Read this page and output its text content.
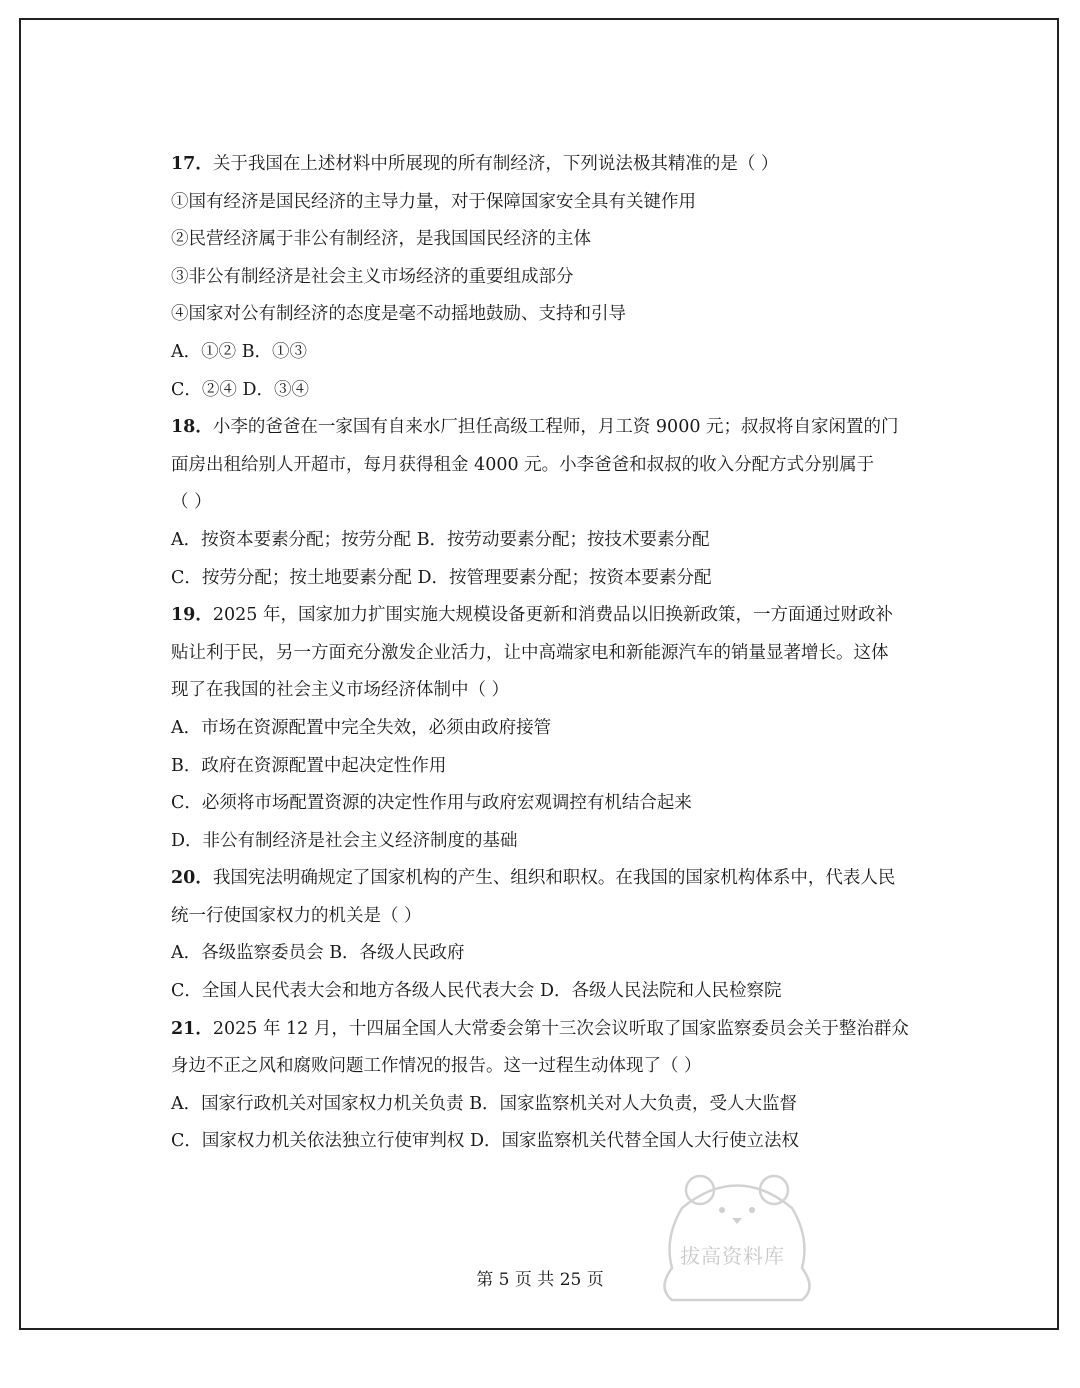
17．关于我国在上述材料中所展现的所有制经济，下列说法极其精准的是（ ）
①国有经济是国民经济的主导力量，对于保障国家安全具有关键作用
②民营经济属于非公有制经济，是我国国民经济的主体
③非公有制经济是社会主义市场经济的重要组成部分
④国家对公有制经济的态度是毫不动摇地鼓励、支持和引导
A．①② B．①③
C．②④ D．③④
18．小李的爸爸在一家国有自来水厂担任高级工程师，月工资 9000 元；叔叔将自家闲置的门
面房出租给别人开超市，每月获得租金 4000 元。小李爸爸和叔叔的收入分配方式分别属于
（ ）
A．按资本要素分配；按劳分配 B．按劳动要素分配；按技术要素分配
C．按劳分配；按土地要素分配 D．按管理要素分配；按资本要素分配
19．2025 年，国家加力扩围实施大规模设备更新和消费品以旧换新政策，一方面通过财政补
贴让利于民，另一方面充分激发企业活力，让中高端家电和新能源汽车的销量显著增长。这体
现了在我国的社会主义市场经济体制中（ ）
A．市场在资源配置中完全失效，必须由政府接管
B．政府在资源配置中起决定性作用
C．必须将市场配置资源的决定性作用与政府宏观调控有机结合起来
D．非公有制经济是社会主义经济制度的基础
20．我国宪法明确规定了国家机构的产生、组织和职权。在我国的国家机构体系中，代表人民
统一行使国家权力的机关是（ ）
A．各级监察委员会 B．各级人民政府
C．全国人民代表大会和地方各级人民代表大会 D．各级人民法院和人民检察院
21．2025 年 12 月，十四届全国人大常委会第十三次会议听取了国家监察委员会关于整治群众
身边不正之风和腐败问题工作情况的报告。这一过程生动体现了（ ）
A．国家行政机关对国家权力机关负责 B．国家监察机关对人大负责，受人大监督
C．国家权力机关依法独立行使审判权 D．国家监察机关代替全国人大行使立法权
拔高资料库
第 5 页 共 25 页
